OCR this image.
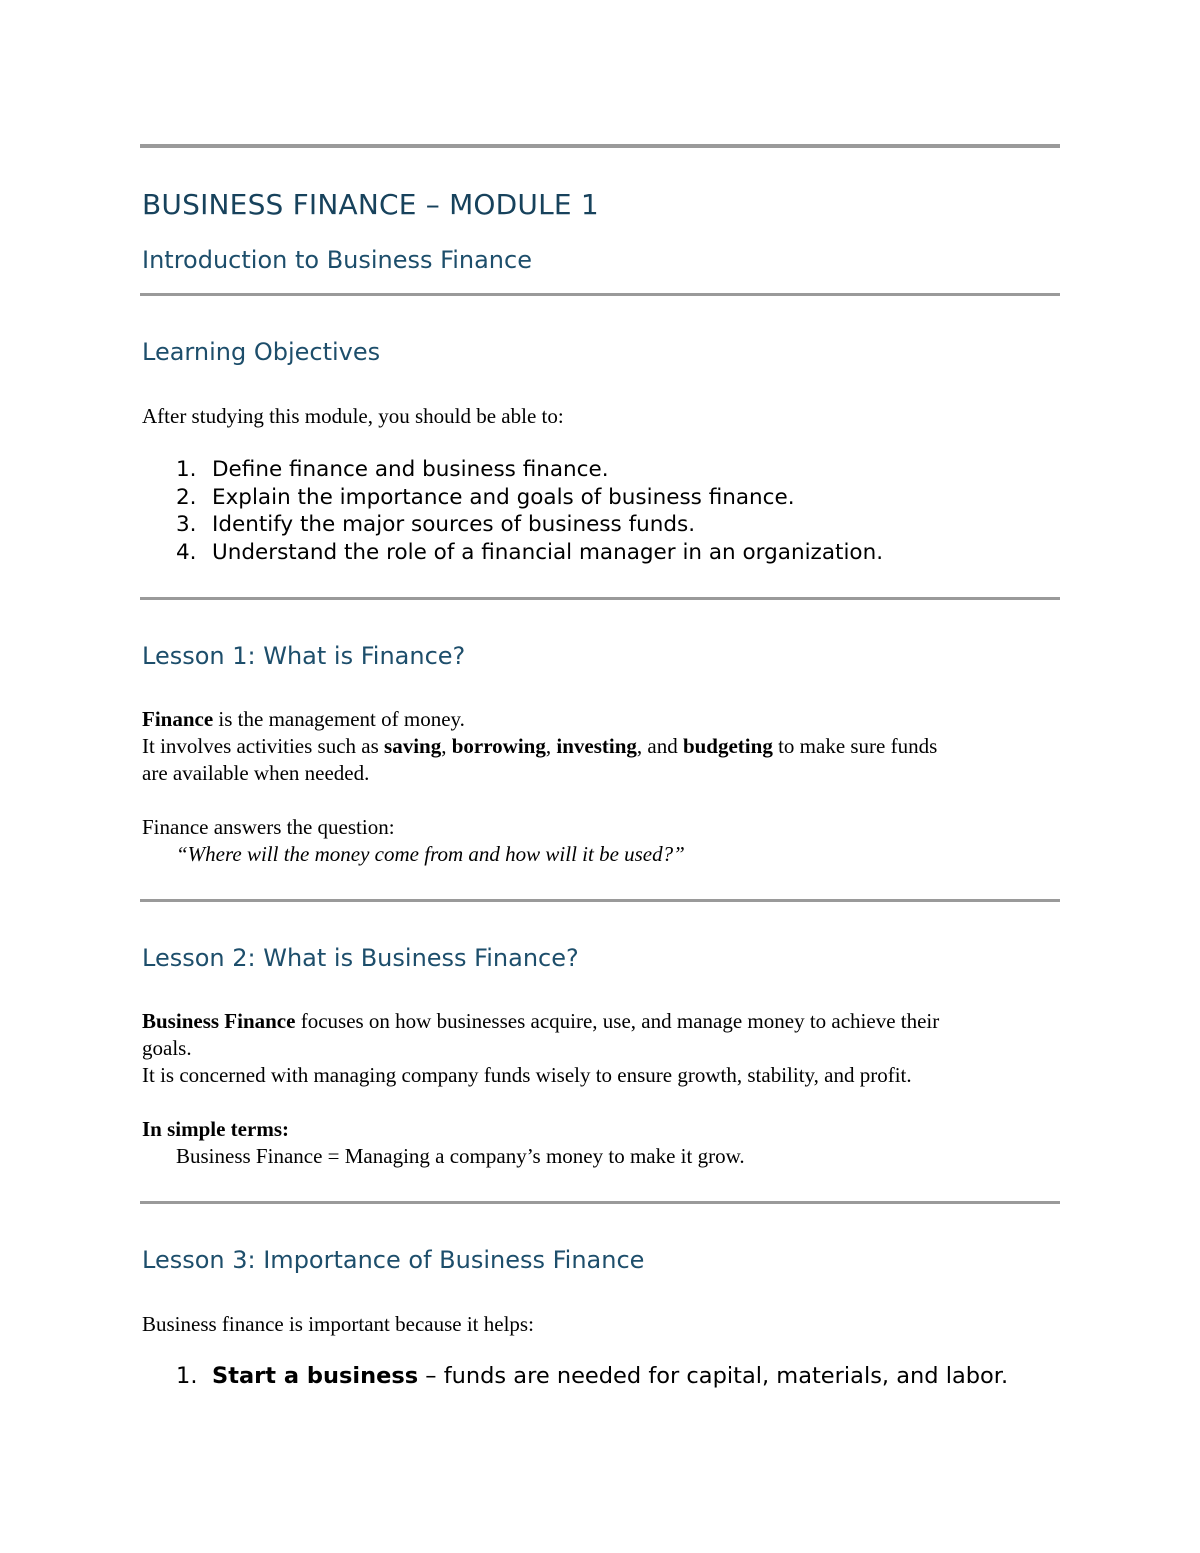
BUSINESS FINANCE – MODULE 1
Introduction to Business Finance
Learning Objectives
After studying this module, you should be able to:
1. Define finance and business finance.
2. Explain the importance and goals of business finance.
3. Identify the major sources of business funds.
4. Understand the role of a financial manager in an organization.
Lesson 1: What is Finance?
Finance is the management of money.
It involves activities such as saving, borrowing, investing, and budgeting to make sure funds
are available when needed.
Finance answers the question:
“Where will the money come from and how will it be used?”
Lesson 2: What is Business Finance?
Business Finance focuses on how businesses acquire, use, and manage money to achieve their
goals.
It is concerned with managing company funds wisely to ensure growth, stability, and profit.
In simple terms:
Business Finance = Managing a company’s money to make it grow.
Lesson 3: Importance of Business Finance
Business finance is important because it helps:
1. Start a business – funds are needed for capital, materials, and labor.
